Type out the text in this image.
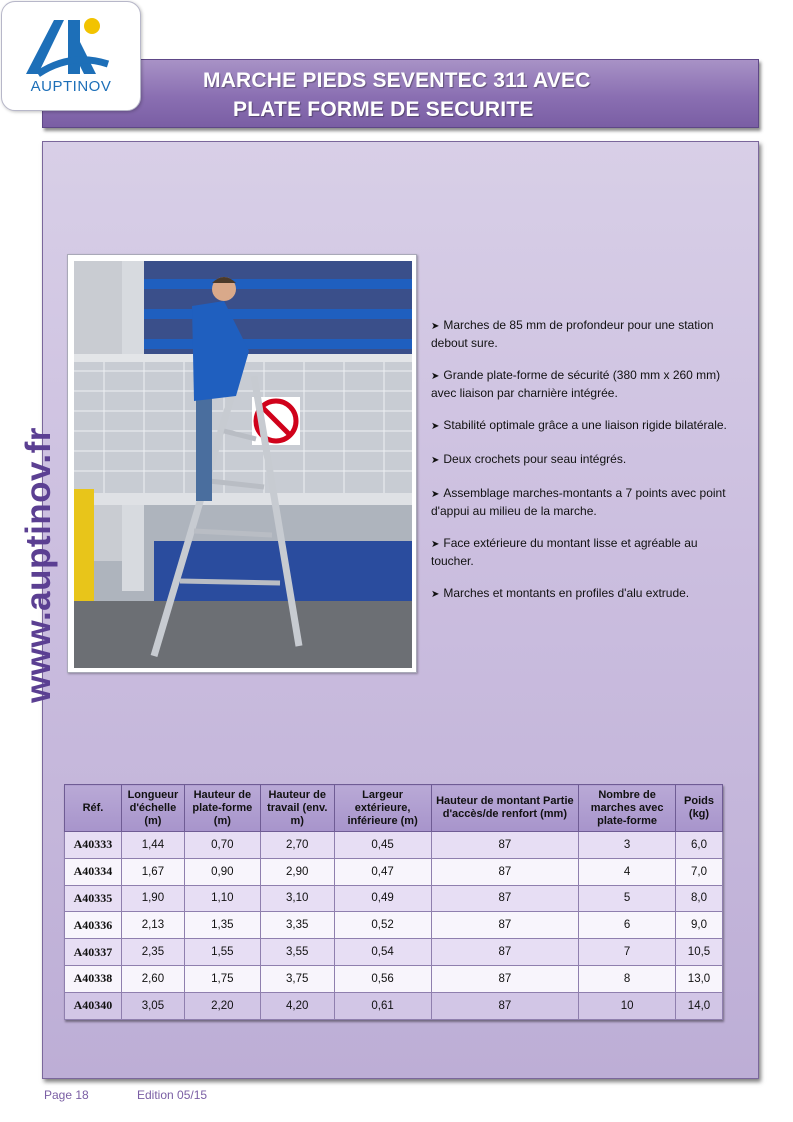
AUPTINOV	MARCHE PIEDS SEVENTEC 311 AVEC
PLATE FORME DE SECURITE
www.auptinov.fr
➤ Marches de 85 mm de profondeur pour une station debout sure.
➤ Grande plate-forme de sécurité (380 mm x 260 mm) avec liaison par charnière intégrée.
➤ Stabilité optimale grâce a une liaison rigide bilatérale.
➤ Deux crochets pour seau intégrés.
➤ Assemblage marches-montants a 7 points avec point d'appui au milieu de la marche.
➤ Face extérieure du montant lisse et agréable au toucher.
➤ Marches et montants en profiles d'alu extrude.
Réf.	Longueur d'échelle (m)	Hauteur de plate-forme (m)	Hauteur de travail (env. m)	Largeur extérieure, inférieure (m)	Hauteur de montant Partie d'accès/de renfort (mm)	Nombre de marches avec plate-forme	Poids (kg)
A40333	1,44	0,70	2,70	0,45	87	3	6,0
A40334	1,67	0,90	2,90	0,47	87	4	7,0
A40335	1,90	1,10	3,10	0,49	87	5	8,0
A40336	2,13	1,35	3,35	0,52	87	6	9,0
A40337	2,35	1,55	3,55	0,54	87	7	10,5
A40338	2,60	1,75	3,75	0,56	87	8	13,0
A40340	3,05	2,20	4,20	0,61	87	10	14,0
Page 18	Edition 05/15
